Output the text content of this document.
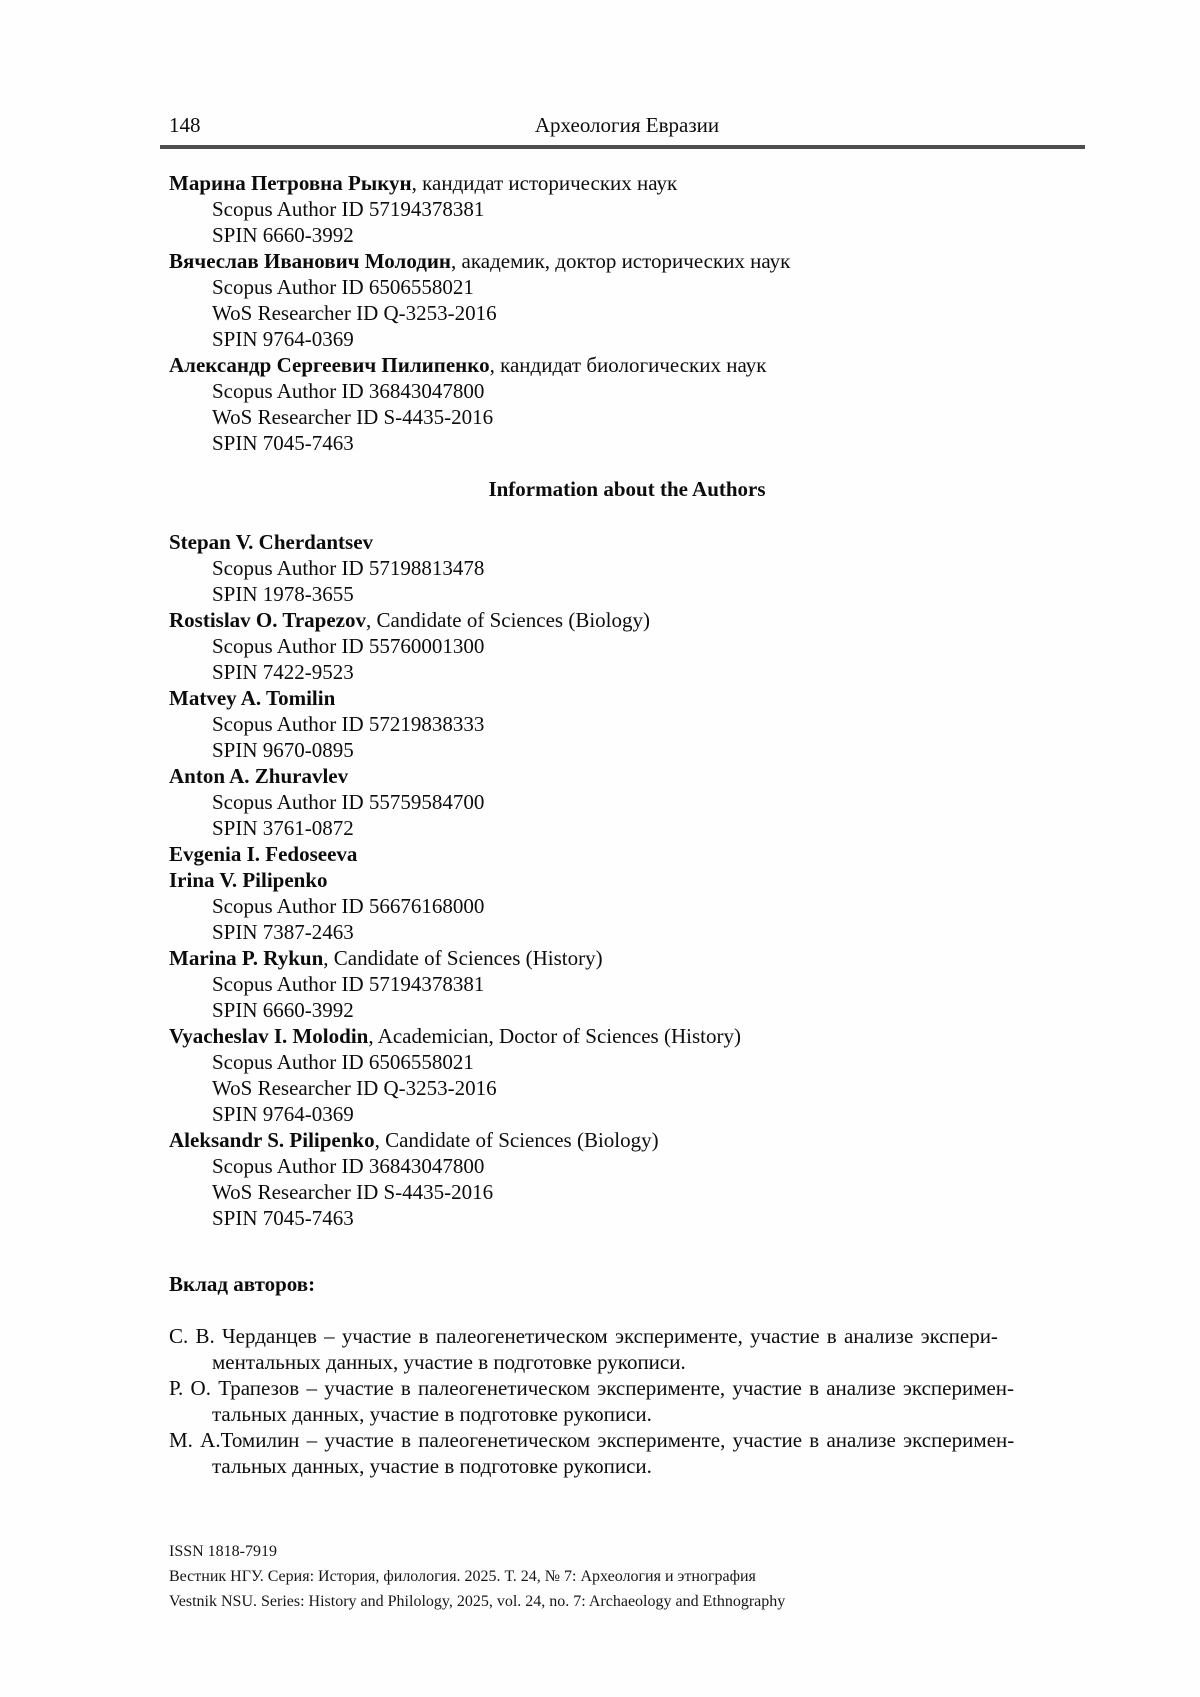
148	Археология Евразии
Марина Петровна Рыкун, кандидат исторических наук
Scopus Author ID 57194378381
SPIN 6660-3992
Вячеслав Иванович Молодин, академик, доктор исторических наук
Scopus Author ID 6506558021
WoS Researcher ID Q-3253-2016
SPIN 9764-0369
Александр Сергеевич Пилипенко, кандидат биологических наук
Scopus Author ID 36843047800
WoS Researcher ID S-4435-2016
SPIN 7045-7463
Information about the Authors
Stepan V. Cherdantsev
Scopus Author ID 57198813478
SPIN 1978-3655
Rostislav O. Trapezov, Candidate of Sciences (Biology)
Scopus Author ID 55760001300
SPIN 7422-9523
Matvey A. Tomilin
Scopus Author ID 57219838333
SPIN 9670-0895
Anton A. Zhuravlev
Scopus Author ID 55759584700
SPIN 3761-0872
Evgenia I. Fedoseeva
Irina V. Pilipenko
Scopus Author ID 56676168000
SPIN 7387-2463
Marina P. Rykun, Candidate of Sciences (History)
Scopus Author ID 57194378381
SPIN 6660-3992
Vyacheslav I. Molodin, Academician, Doctor of Sciences (History)
Scopus Author ID 6506558021
WoS Researcher ID Q-3253-2016
SPIN 9764-0369
Aleksandr S. Pilipenko, Candidate of Sciences (Biology)
Scopus Author ID 36843047800
WoS Researcher ID S-4435-2016
SPIN 7045-7463
Вклад авторов:
С. В. Черданцев – участие в палеогенетическом эксперименте, участие в анализе экспери-
ментальных данных, участие в подготовке рукописи.
Р. О. Трапезов – участие в палеогенетическом эксперименте, участие в анализе эксперимен-
тальных данных, участие в подготовке рукописи.
М. А.Томилин – участие в палеогенетическом эксперименте, участие в анализе эксперимен-
тальных данных, участие в подготовке рукописи.
ISSN 1818-7919
Вестник НГУ. Серия: История, филология. 2025. Т. 24, № 7: Археология и этнография
Vestnik NSU. Series: History and Philology, 2025, vol. 24, no. 7: Archaeology and Ethnography
